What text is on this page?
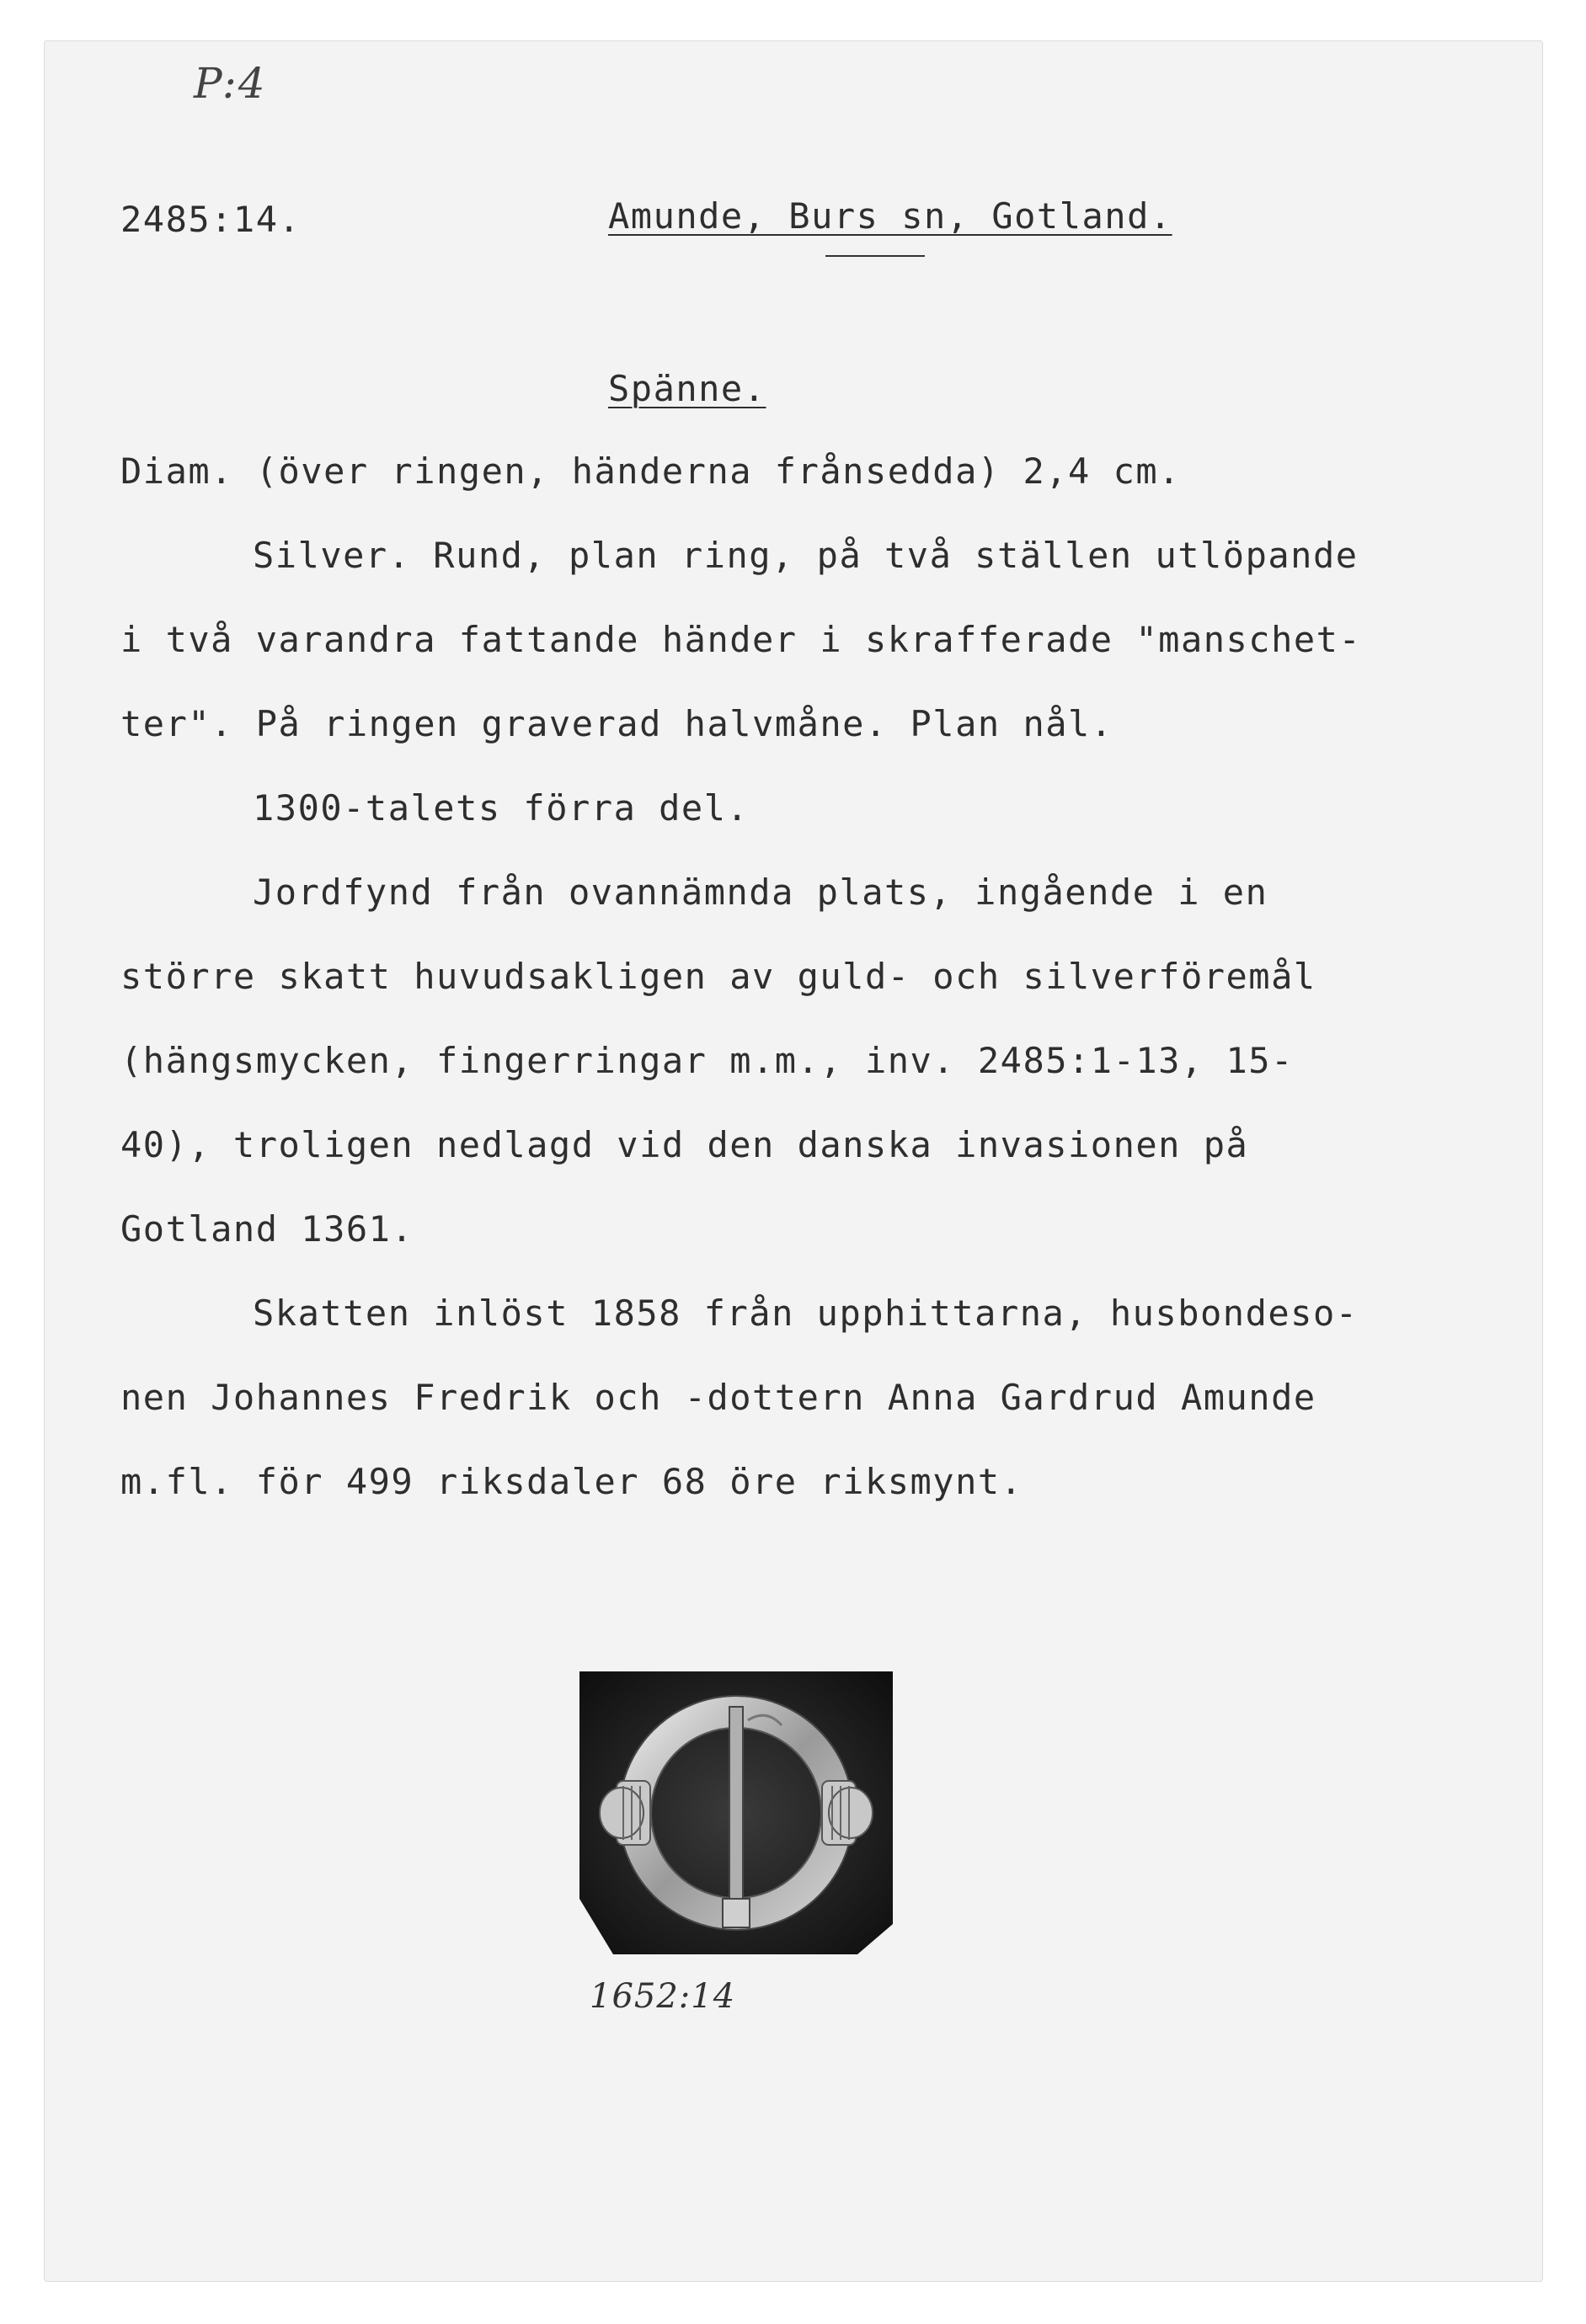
P:4
2485:14.	Amunde, Burs sn, Gotland.
Spänne.
Diam. (över ringen, händerna frånsedda) 2,4 cm.
Silver. Rund, plan ring, på två ställen utlöpande
i två varandra fattande händer i skrafferade "manschet-
ter". På ringen graverad halvmåne. Plan nål.
1300-talets förra del.
Jordfynd från ovannämnda plats, ingående i en
större skatt huvudsakligen av guld- och silverföremål
(hängsmycken, fingerringar m.m., inv. 2485:1-13, 15-
40), troligen nedlagd vid den danska invasionen på
Gotland 1361.
Skatten inlöst 1858 från upphittarna, husbondeso-
nen Johannes Fredrik och -dottern Anna Gardrud Amunde
m.fl. för 499 riksdaler 68 öre riksmynt.
1652:14
